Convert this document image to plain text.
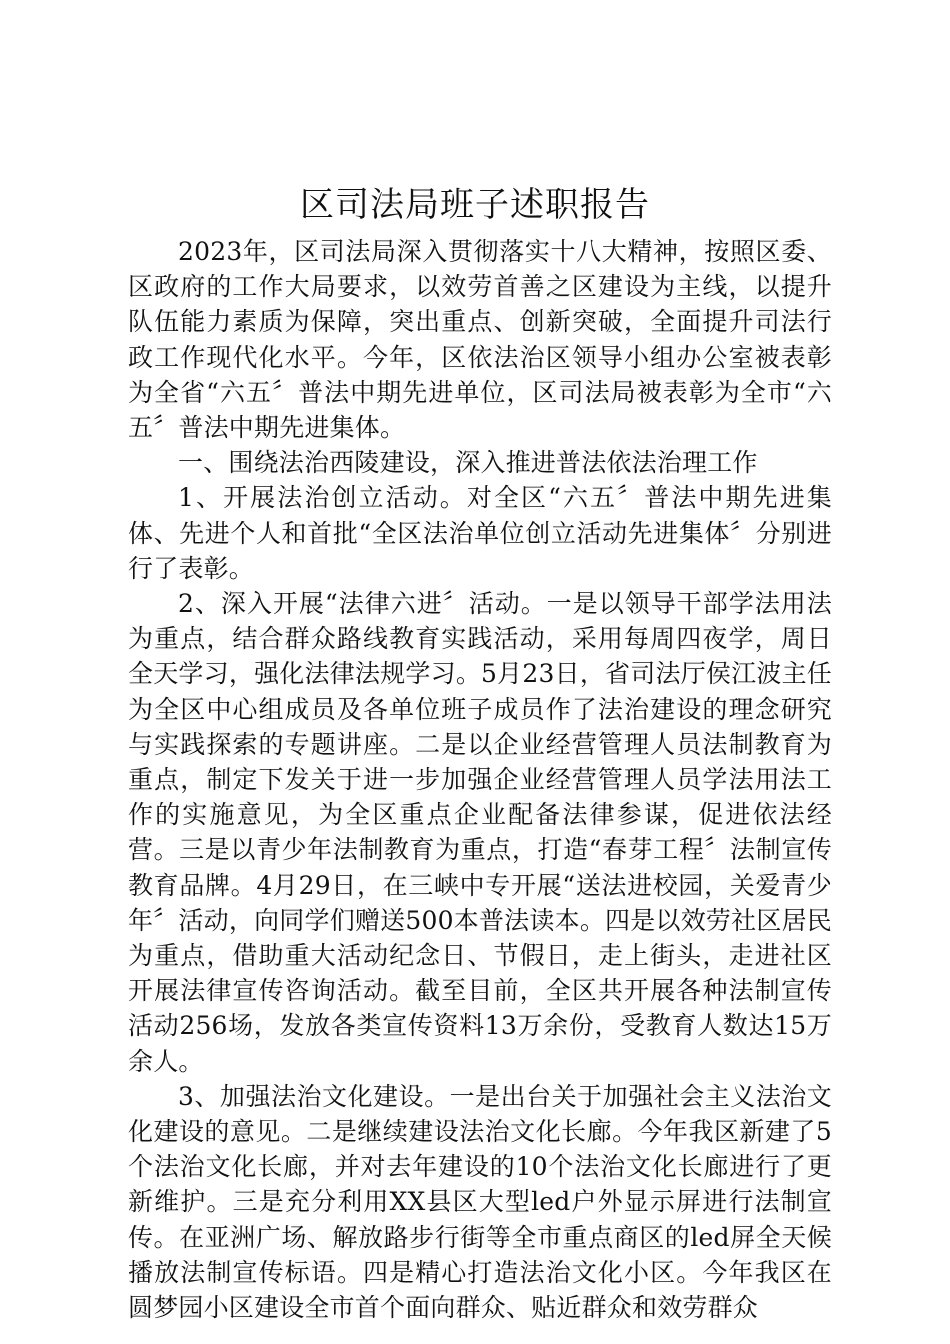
区司法局班子述职报告

2023年，区司法局深入贯彻落实十八大精神，按照区委、区政府的工作大局要求，以效劳首善之区建设为主线，以提升队伍能力素质为保障，突出重点、创新突破，全面提升司法行政工作现代化水平。今年，区依法治区领导小组办公室被表彰为全省“六五〞普法中期先进单位，区司法局被表彰为全市“六五〞普法中期先进集体。

一、围绕法治西陵建设，深入推进普法依法治理工作

1、开展法治创立活动。对全区“六五〞普法中期先进集体、先进个人和首批“全区法治单位创立活动先进集体〞分别进行了表彰。

2、深入开展“法律六进〞活动。一是以领导干部学法用法为重点，结合群众路线教育实践活动，采用每周四夜学，周日全天学习，强化法律法规学习。5月23日，省司法厅侯江波主任为全区中心组成员及各单位班子成员作了法治建设的理念研究与实践探索的专题讲座。二是以企业经营管理人员法制教育为重点，制定下发关于进一步加强企业经营管理人员学法用法工作的实施意见，为全区重点企业配备法律参谋，促进依法经营。三是以青少年法制教育为重点，打造“春芽工程〞法制宣传教育品牌。4月29日，在三峡中专开展“送法进校园，关爱青少年〞活动，向同学们赠送500本普法读本。四是以效劳社区居民为重点，借助重大活动纪念日、节假日，走上街头，走进社区开展法律宣传咨询活动。截至目前，全区共开展各种法制宣传活动256场，发放各类宣传资料13万余份，受教育人数达15万余人。

3、加强法治文化建设。一是出台关于加强社会主义法治文化建设的意见。二是继续建设法治文化长廊。今年我区新建了5个法治文化长廊，并对去年建设的10个法治文化长廊进行了更新维护。三是充分利用XX县区大型led户外显示屏进行法制宣传。在亚洲广场、解放路步行街等全市重点商区的led屏全天候播放法制宣传标语。四是精心打造法治文化小区。今年我区在圆梦园小区建设全市首个面向群众、贴近群众和效劳群众
